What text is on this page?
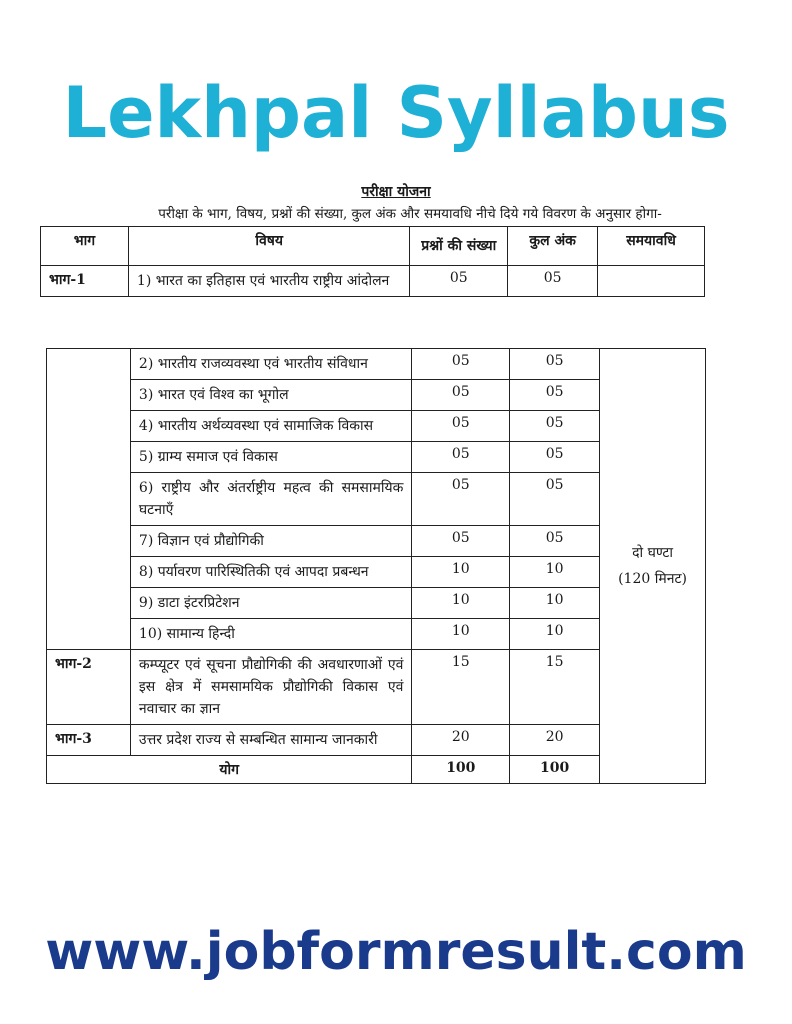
Lekhpal Syllabus
परीक्षा योजना
परीक्षा के भाग, विषय, प्रश्नों की संख्या, कुल अंक और समयावधि नीचे दिये गये विवरण के अनुसार होगा-
भाग	विषय	प्रश्नों की संख्या	कुल अंक	समयावधि
भाग-1	1) भारत का इतिहास एवं भारतीय राष्ट्रीय आंदोलन	05	05	
	2) भारतीय राजव्यवस्था एवं भारतीय संविधान	05	05	दो घण्टा
(120 मिनट)

	3) भारत एवं विश्व का भूगोल	05	05	
	4) भारतीय अर्थव्यवस्था एवं सामाजिक विकास	05	05	
	5) ग्राम्य समाज एवं विकास	05	05	
	6) राष्ट्रीय और अंतर्राष्ट्रीय महत्व की समसामयिक घटनाएँ	05	05	
	7) विज्ञान एवं प्रौद्योगिकी	05	05	
	8) पर्यावरण पारिस्थितिकी एवं आपदा प्रबन्धन	10	10	
	9) डाटा इंटरप्रिटेशन	10	10	
	10) सामान्य हिन्दी	10	10	
भाग-2	कम्प्यूटर एवं सूचना प्रौद्योगिकी की अवधारणाओं एवं इस क्षेत्र में समसामयिक प्रौद्योगिकी विकास एवं नवाचार का ज्ञान	15	15	
भाग-3	उत्तर प्रदेश राज्य से सम्बन्धित सामान्य जानकारी	20	20	
योग		100	100	
www.jobformresult.com
